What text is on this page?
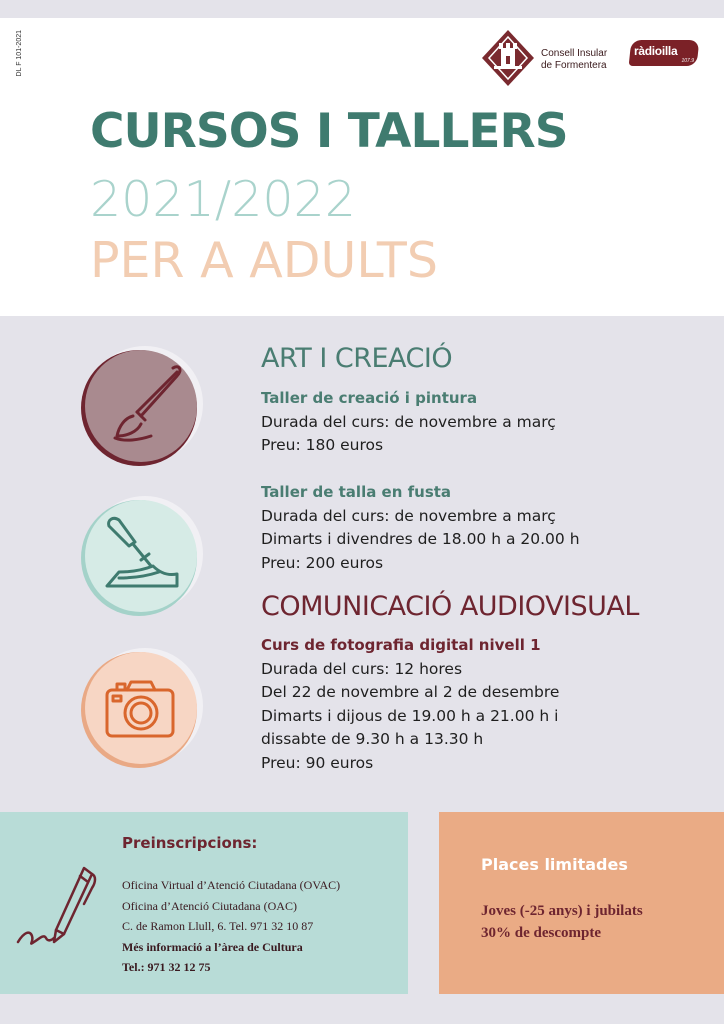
DL F 101-2021	Consell Insular
de Formentera
ràdioilla
107.9
CURSOS I TALLERS
2021/2022
PER A ADULTS
ART I CREACIÓ
Taller de creació i pintura
Durada del curs: de novembre a març
Preu: 180 euros
Taller de talla en fusta
Durada del curs: de novembre a març
Dimarts i divendres de 18.00 h a 20.00 h
Preu: 200 euros
COMUNICACIÓ AUDIOVISUAL
Curs de fotografia digital nivell 1
Durada del curs: 12 hores
Del 22 de novembre al 2 de desembre
Dimarts i dijous de 19.00 h a 21.00 h i
dissabte de 9.30 h a 13.30 h
Preu: 90 euros
Preinscripcions:
Oficina Virtual d’Atenció Ciutadana (OVAC)
Oficina d’Atenció Ciutadana (OAC)
C. de Ramon Llull, 6. Tel. 971 32 10 87
Més informació a l’àrea de Cultura
Tel.: 971 32 12 75
Places limitades
Joves (-25 anys) i jubilats
30% de descompte
